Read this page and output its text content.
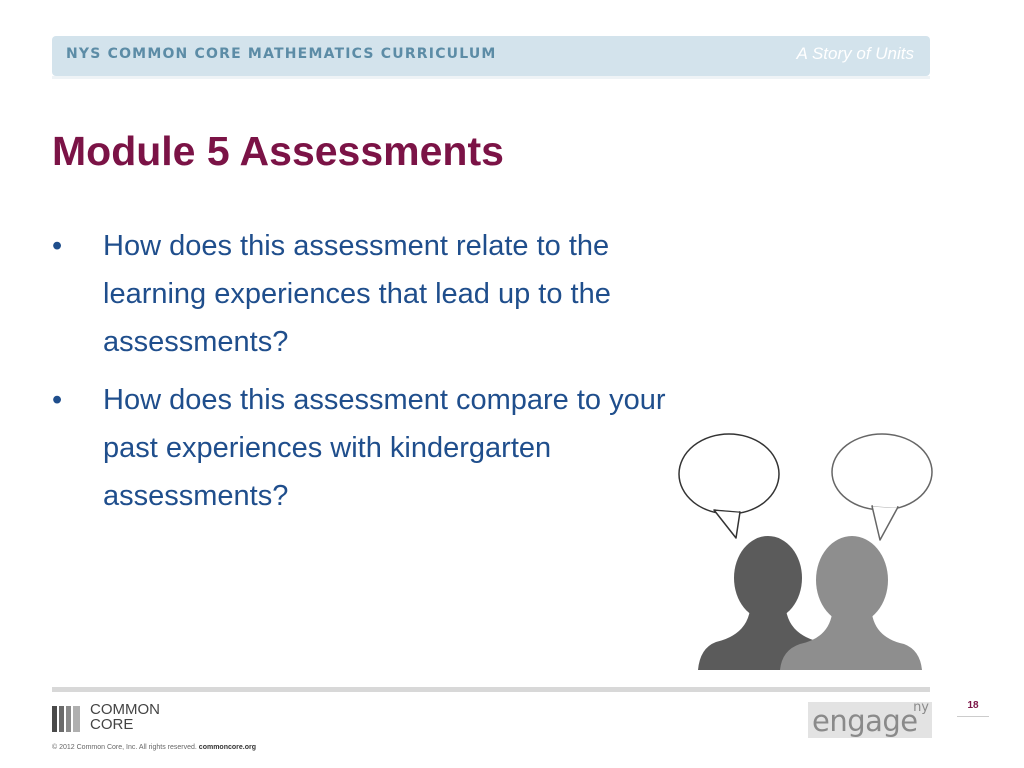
NYS COMMON CORE MATHEMATICS CURRICULUM	A Story of Units
Module 5 Assessments
• How does this assessment relate to the learning experiences that lead up to the assessments?
• How does this assessment compare to your past experiences with kindergarten assessments?
COMMON
CORE
© 2012 Common Core, Inc. All rights reserved. commoncore.org
engage
ny	18
